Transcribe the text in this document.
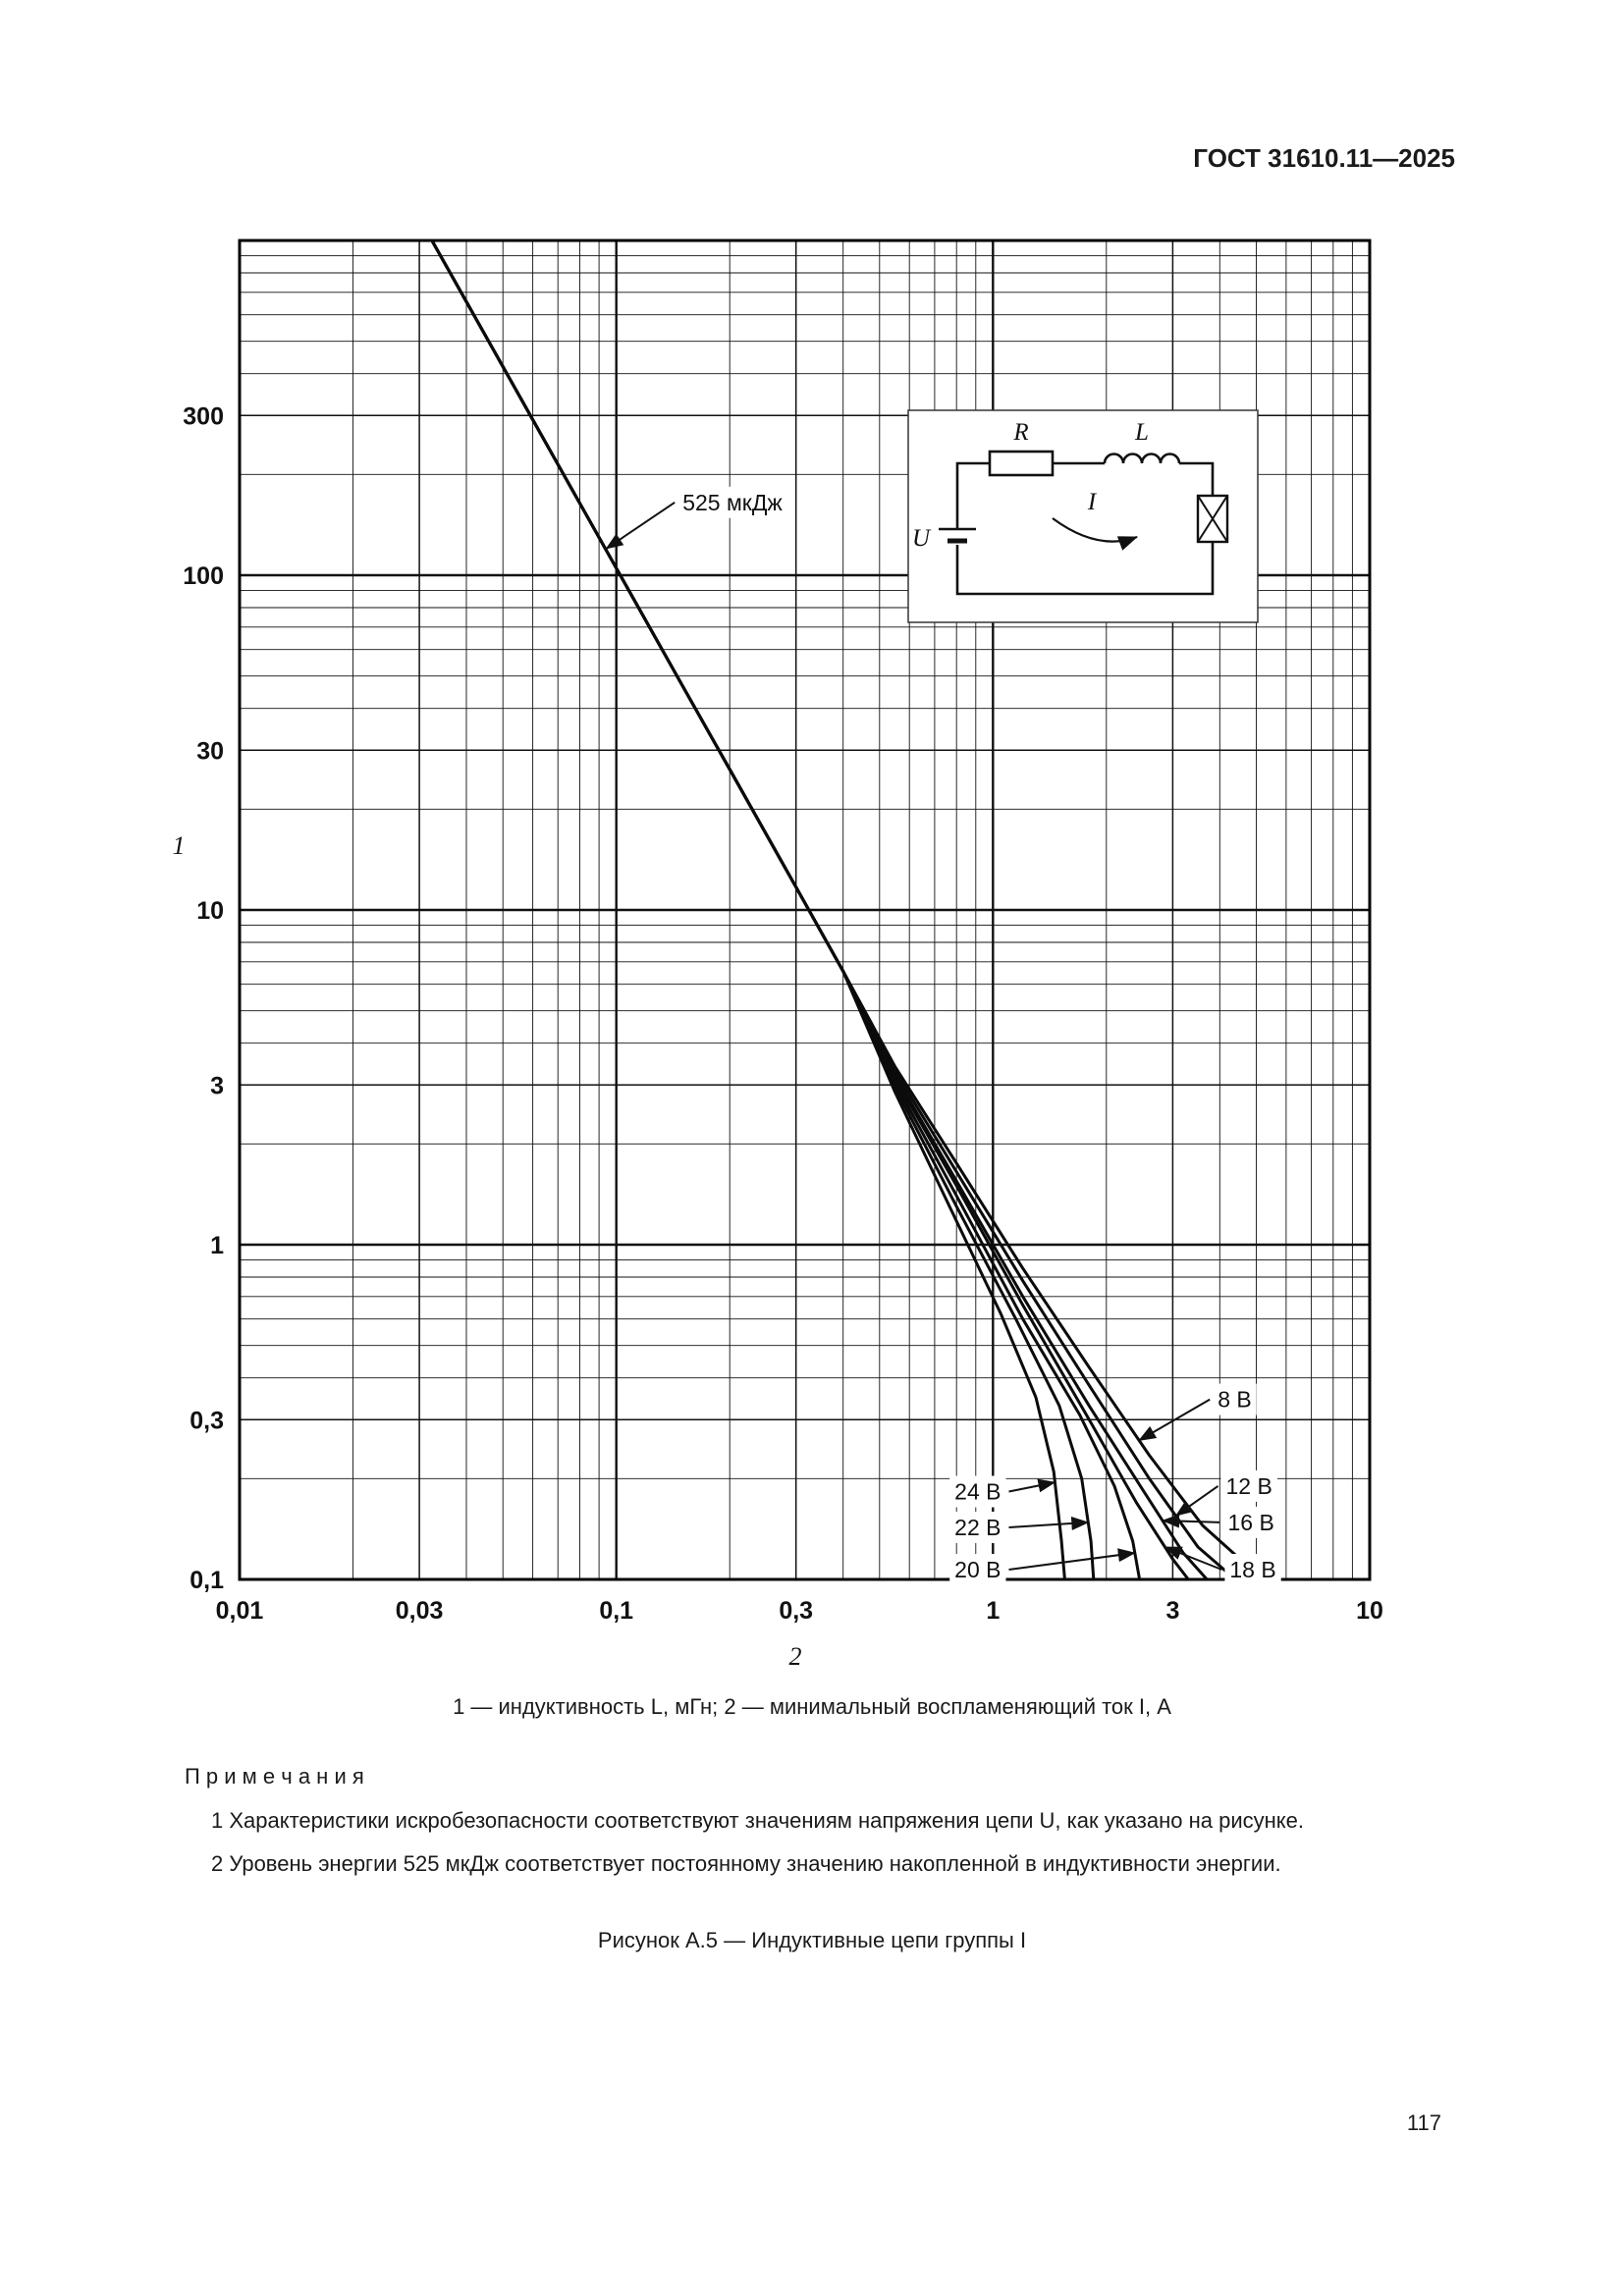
ГОСТ 31610.11—2025
U
R	L
I
525 мкДж
8 В
12 В
16 В
18 В
24 В
22 В
20 В
0,01	0,03	0,1	0,3	1	3	10
300
100
30
10
3
1
0,3
0,1
1
2
1 — индуктивность L, мГн; 2 — минимальный воспламеняющий ток I, А
П р и м е ч а н и я
1 Характеристики искробезопасности соответствуют значениям напряжения цепи U, как указано на рисунке.
2 Уровень энергии 525 мкДж соответствует постоянному значению накопленной в индуктивности энергии.
Рисунок А.5 — Индуктивные цепи группы I
117
